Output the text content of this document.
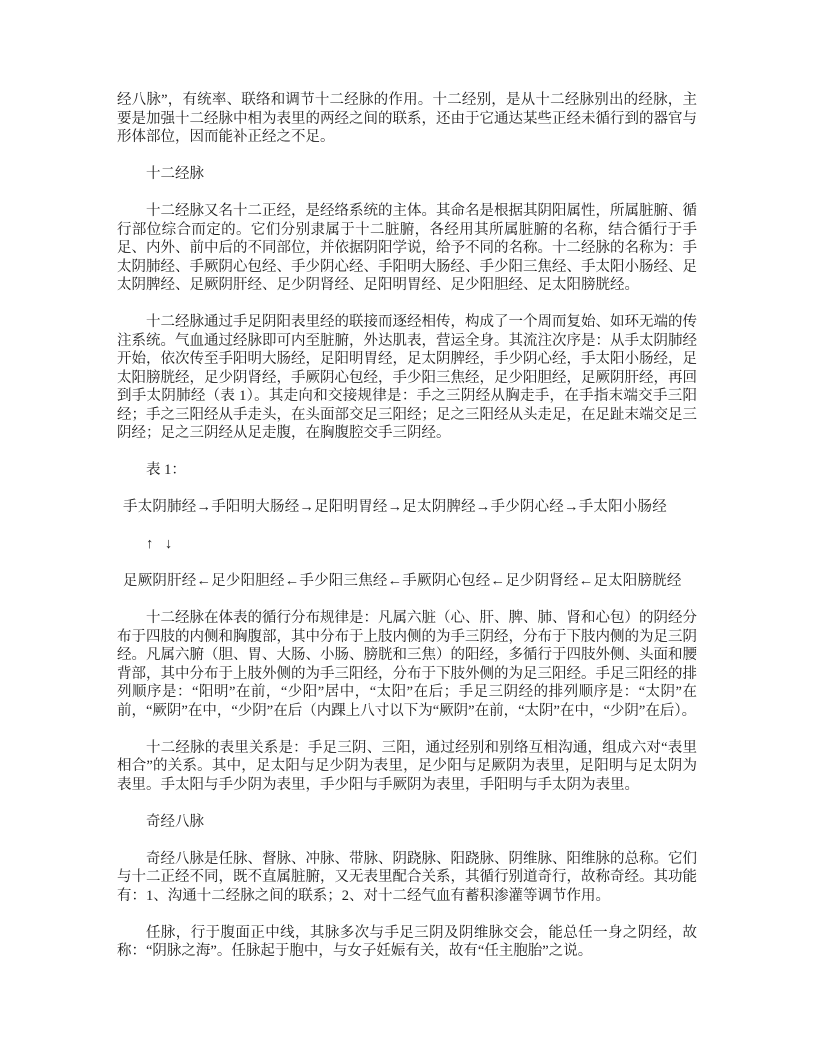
经八脉”，有统率、联络和调节十二经脉的作用。十二经别，是从十二经脉别出的经脉，主要是加强十二经脉中相为表里的两经之间的联系，还由于它通达某些正经未循行到的器官与形体部位，因而能补正经之不足。
十二经脉
十二经脉又名十二正经，是经络系统的主体。其命名是根据其阴阳属性，所属脏腑、循行部位综合而定的。它们分别隶属于十二脏腑，各经用其所属脏腑的名称，结合循行于手足、内外、前中后的不同部位，并依据阴阳学说，给予不同的名称。十二经脉的名称为：手太阴肺经、手厥阴心包经、手少阴心经、手阳明大肠经、手少阳三焦经、手太阳小肠经、足太阴脾经、足厥阴肝经、足少阴肾经、足阳明胃经、足少阳胆经、足太阳膀胱经。
十二经脉通过手足阴阳表里经的联接而逐经相传，构成了一个周而复始、如环无端的传注系统。气血通过经脉即可内至脏腑，外达肌表，营运全身。其流注次序是：从手太阴肺经开始，依次传至手阳明大肠经，足阳明胃经，足太阴脾经，手少阴心经，手太阳小肠经，足太阳膀胱经，足少阴肾经，手厥阴心包经，手少阳三焦经，足少阳胆经，足厥阴肝经，再回到手太阴肺经（表 1）。其走向和交接规律是：手之三阴经从胸走手，在手指末端交手三阳经；手之三阳经从手走头，在头面部交足三阳经；足之三阳经从头走足，在足趾末端交足三阴经；足之三阴经从足走腹，在胸腹腔交手三阴经。
表 1：
手太阴肺经→手阳明大肠经→足阳明胃经→足太阴脾经→手少阴心经→手太阳小肠经
↑ ↓
足厥阴肝经←足少阳胆经←手少阳三焦经←手厥阴心包经←足少阴肾经←足太阳膀胱经
十二经脉在体表的循行分布规律是：凡属六脏（心、肝、脾、肺、肾和心包）的阴经分布于四肢的内侧和胸腹部，其中分布于上肢内侧的为手三阴经，分布于下肢内侧的为足三阴经。凡属六腑（胆、胃、大肠、小肠、膀胱和三焦）的阳经，多循行于四肢外侧、头面和腰背部，其中分布于上肢外侧的为手三阳经，分布于下肢外侧的为足三阳经。手足三阳经的排列顺序是：“阳明”在前，“少阳”居中，“太阳”在后；手足三阴经的排列顺序是：“太阴”在前，“厥阴”在中，“少阴”在后（内踝上八寸以下为“厥阴”在前，“太阴”在中，“少阴”在后）。
十二经脉的表里关系是：手足三阴、三阳，通过经别和别络互相沟通，组成六对“表里相合”的关系。其中，足太阳与足少阴为表里，足少阳与足厥阴为表里，足阳明与足太阴为表里。手太阳与手少阴为表里，手少阳与手厥阴为表里，手阳明与手太阴为表里。
奇经八脉
奇经八脉是任脉、督脉、冲脉、带脉、阴跷脉、阳跷脉、阴维脉、阳维脉的总称。它们与十二正经不同，既不直属脏腑，又无表里配合关系，其循行别道奇行，故称奇经。其功能有：1、沟通十二经脉之间的联系；2、对十二经气血有蓄积渗灌等调节作用。
任脉，行于腹面正中线，其脉多次与手足三阴及阴维脉交会，能总任一身之阴经，故称：“阴脉之海”。任脉起于胞中，与女子妊娠有关，故有“任主胞胎”之说。
